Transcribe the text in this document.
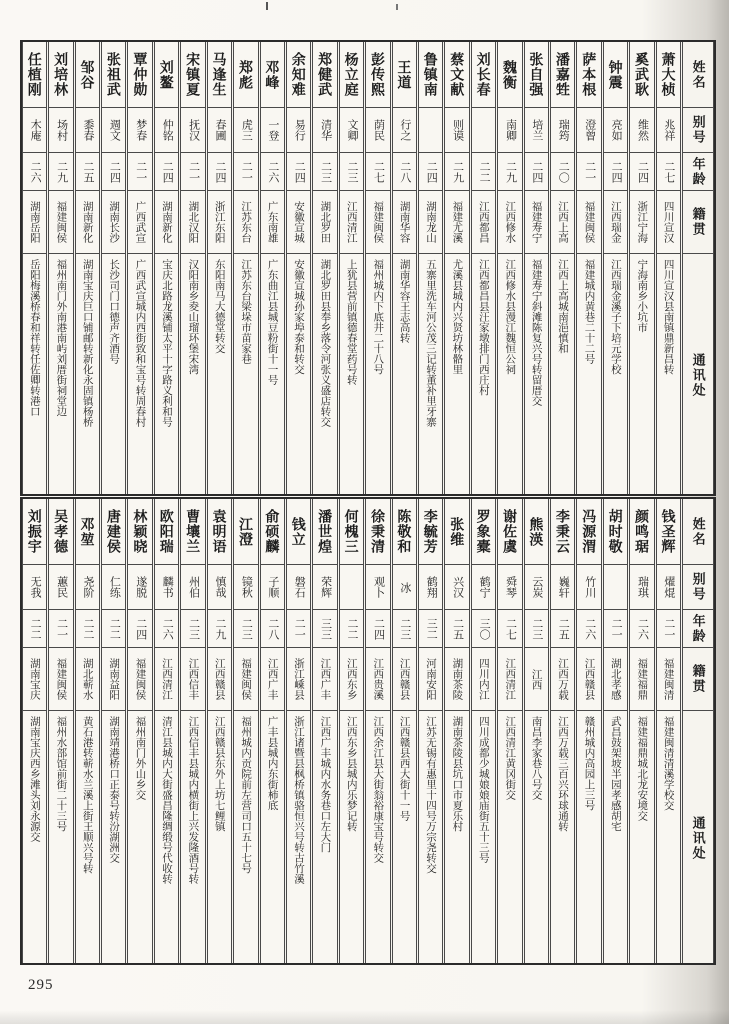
姓名
别号
年龄
籍贯
通讯处
萧大桢
兆祥
二七
四川宣汉
四川宣汉县南镇鼎新昌转
奚武耿
维然
二四
浙江宁海
宁海南乡小坑市
钟震
亮如
二四
江西瑞金
江西瑞金溪子下培元学校
萨本根
澄曾
二一
福建闽侯
福建城内黄巷二十二号
潘嘉甡
瑞筠
二〇
江西上高
江西上高城南浥慎和
张自强
培兰
二四
福建寿宁
福建寿宁斜滩陈复兴号转留厝交
魏衡
南卿
二九
江西修水
江西修水县漫江魏恒公祠
刘长春
二二
江西都昌
江西都昌县汪家墩排门西庄村
蔡文献
则谟
二九
福建尤溪
尤溪县城内兴贤坊林骼里
鲁镇南
二四
湖南龙山
五寨里洗车河公茂三记转董补里牙寨
王道
行之
二八
湖南华容
湖南华容王志高转
彭传熙
荫民
二七
福建闽侯
福州城内下底井二十八号
杨立庭
文卿
二三
江西清江
上犹县营前镇德春堂药号转
郑健武
清华
二三
湖北罗田
湖北罗田县奉乡落令河张义盛店转交
余知难
易行
二四
安徽宣城
安徽宣城孙家埠泰和转交
邓峰
一登
二六
广东南雄
广东曲江县城豆粉街十一号
郑彪
虎三
二一
江苏东台
江苏东台梁垛市苗家巷
马逢生
春圃
二四
浙江东阳
东阳南马大德堂转交
宋镇夏
抚汉
二一
湖北汉阳
汉阳南乡夌山瑠环堡宋湾
刘鳌
仲铭
二四
湖南新化
宝庆北路龙溪铺太平十字路义利和号
覃仲勋
梦春
二一
广西武宣
广西武宣城内西街致和宝号转周春村
张祖武
週文
二四
湖南长沙
长沙司门口德声齐酒号
邹谷
黍春
二五
湖南新化
湖南宝庆巨口铺邮转新化永固镇杨桥
刘培林
场村
二九
福建闽侯
福州南门外南港南屿刘厝街祠堂边
任植刚
木庵
二六
湖南岳阳
岳阳梅溪桥春和祥转任佐卿转港口
姓名
别号
年龄
籍贯
通讯处
钱圣辉
燿焜
二一
福建闽清
福建闽清清溪学校交
颜鸣琚
瑞琪
二六
福建福鼎
福建福鼎城北龙安境交
胡时敬
二一
湖北孝感
武昌鼓架坡半园孝感胡宅
冯源渭
竹川
二六
江西赣县
赣州城内高园上三号
李秉云
巍轩
二五
江西万载
江西万载三百兴环球通转
熊渶
云炭
二三
江西
南昌李家巷八号交
谢佐虞
舜琴
二七
江西清江
江西清江黄冈街交
罗象橐
鹤宁
三〇
四川内江
四川成都少城娘娘庙街五十三号
张维
兴汉
二五
湖南茶陵
湖南茶陵县坑口市夏乐村
李毓芳
鹤翔
三二
河南安阳
江苏无锡有惠里十四号万宗尧转交
陈敬和
冰
二三
江西赣县
江西赣县西大街十一号
徐秉清
观卜
二四
江西贵溪
江西余江县大街翁裕康宝号转交
何槐三
二二
江西东乡
江西东乡县城内乐梦记转
潘世煌
荣辉
三三
江西广丰
江西广丰城内水务巷口左大门
钱立
磐石
二一
浙江嵊县
浙江诸暨县枫桥镇骆恒兴号转古竹溪
俞硕麟
子顺
二八
江西广丰
广丰县城内东街柿底
江澄
镜秋
二三
福建闽侯
福州城内贡院前左营司口五十七号
袁明语
慎哉
二九
江西赣县
江西赣县东外上坊七鲤镇
曹壤兰
州伯
二三
江西信丰
江西信丰县城内横街上兴发隆酒号转
欧阳瑞
麟书
二六
江西清江
清江县城内大街盛昌隆绸缎号代收转
林颖晓
遂脱
二四
福建闽侯
福州南门外山乡交
唐建侯
仁练
二二
湖南益阳
湖南靖港桥口正泰号转汾湖洲交
邓堃
尧阶
二二
湖北蕲水
黄石港转蕲水兰溪上街王顺兴号转
吴孝德
蕙民
二一
福建闽侯
福州水部馆前街二十三号
刘振宇
无我
二二
湖南宝庆
湖南宝庆西乡滩头刘永源交
295
